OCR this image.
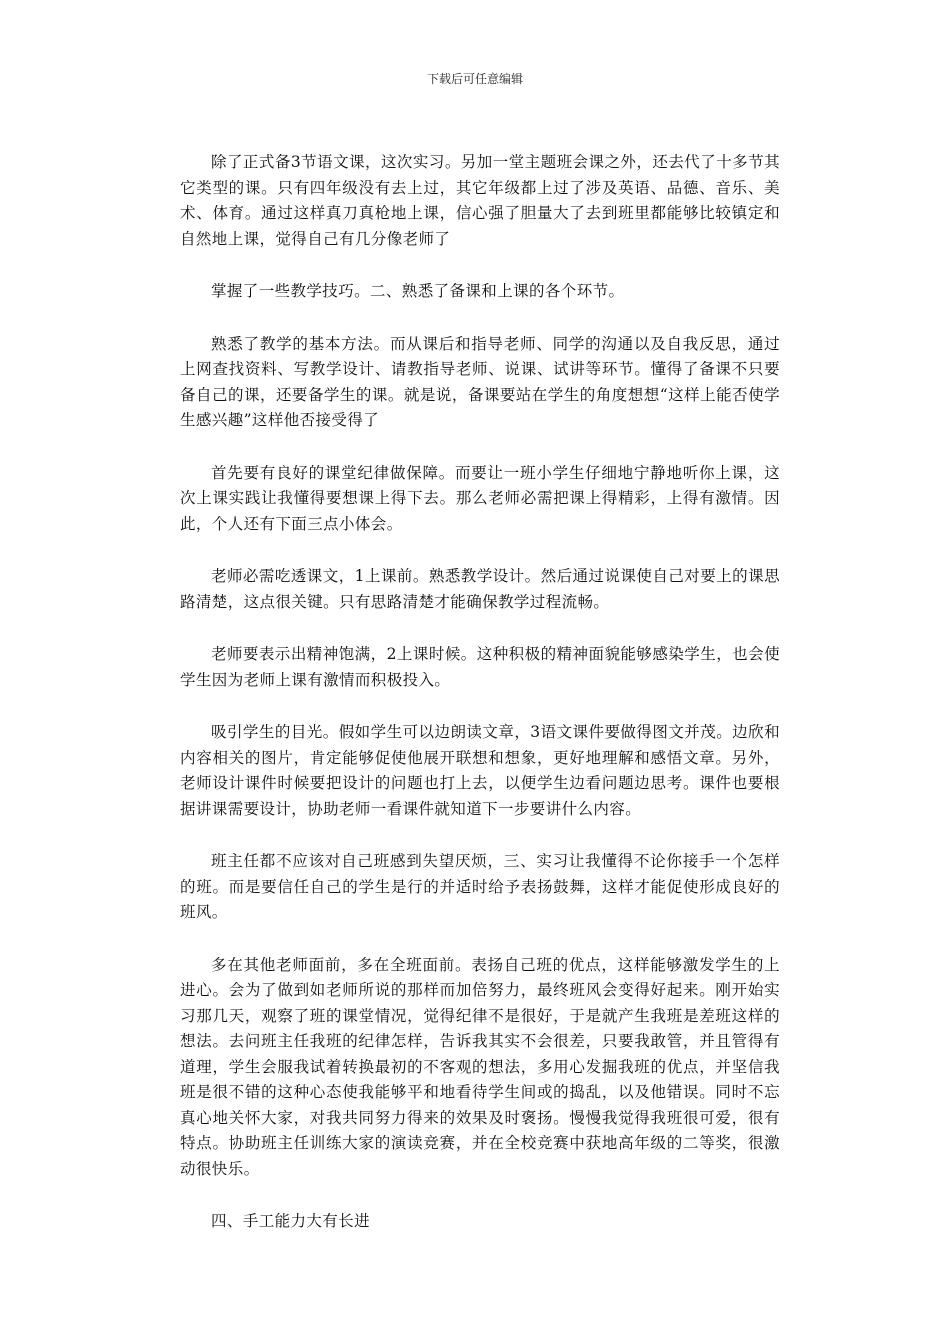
下载后可任意编辑

除了正式备3节语文课，这次实习。另加一堂主题班会课之外，还去代了十多节其它类型的课。只有四年级没有去上过，其它年级都上过了涉及英语、品德、音乐、美术、体育。通过这样真刀真枪地上课，信心强了胆量大了去到班里都能够比较镇定和自然地上课，觉得自己有几分像老师了

掌握了一些教学技巧。二、熟悉了备课和上课的各个环节。

熟悉了教学的基本方法。而从课后和指导老师、同学的沟通以及自我反思，通过上网查找资料、写教学设计、请教指导老师、说课、试讲等环节。懂得了备课不只要备自己的课，还要备学生的课。就是说，备课要站在学生的角度想想“这样上能否使学生感兴趣”这样他否接受得了

首先要有良好的课堂纪律做保障。而要让一班小学生仔细地宁静地听你上课，这次上课实践让我懂得要想课上得下去。那么老师必需把课上得精彩，上得有激情。因此，个人还有下面三点小体会。

老师必需吃透课文，1上课前。熟悉教学设计。然后通过说课使自己对要上的课思路清楚，这点很关键。只有思路清楚才能确保教学过程流畅。

老师要表示出精神饱满，2上课时候。这种积极的精神面貌能够感染学生，也会使学生因为老师上课有激情而积极投入。

吸引学生的目光。假如学生可以边朗读文章，3语文课件要做得图文并茂。边欣和内容相关的图片，肯定能够促使他展开联想和想象，更好地理解和感悟文章。另外，老师设计课件时候要把设计的问题也打上去，以便学生边看问题边思考。课件也要根据讲课需要设计，协助老师一看课件就知道下一步要讲什么内容。

班主任都不应该对自己班感到失望厌烦，三、实习让我懂得不论你接手一个怎样的班。而是要信任自己的学生是行的并适时给予表扬鼓舞，这样才能促使形成良好的班风。

多在其他老师面前，多在全班面前。表扬自己班的优点，这样能够激发学生的上进心。会为了做到如老师所说的那样而加倍努力，最终班风会变得好起来。刚开始实习那几天，观察了班的课堂情况，觉得纪律不是很好，于是就产生我班是差班这样的想法。去问班主任我班的纪律怎样，告诉我其实不会很差，只要我敢管，并且管得有道理，学生会服我试着转换最初的不客观的想法，多用心发掘我班的优点，并坚信我班是很不错的这种心态使我能够平和地看待学生间或的捣乱，以及他错误。同时不忘真心地关怀大家，对我共同努力得来的效果及时褒扬。慢慢我觉得我班很可爱，很有特点。协助班主任训练大家的演读竞赛，并在全校竞赛中获地高年级的二等奖，很激动很快乐。

四、手工能力大有长进
